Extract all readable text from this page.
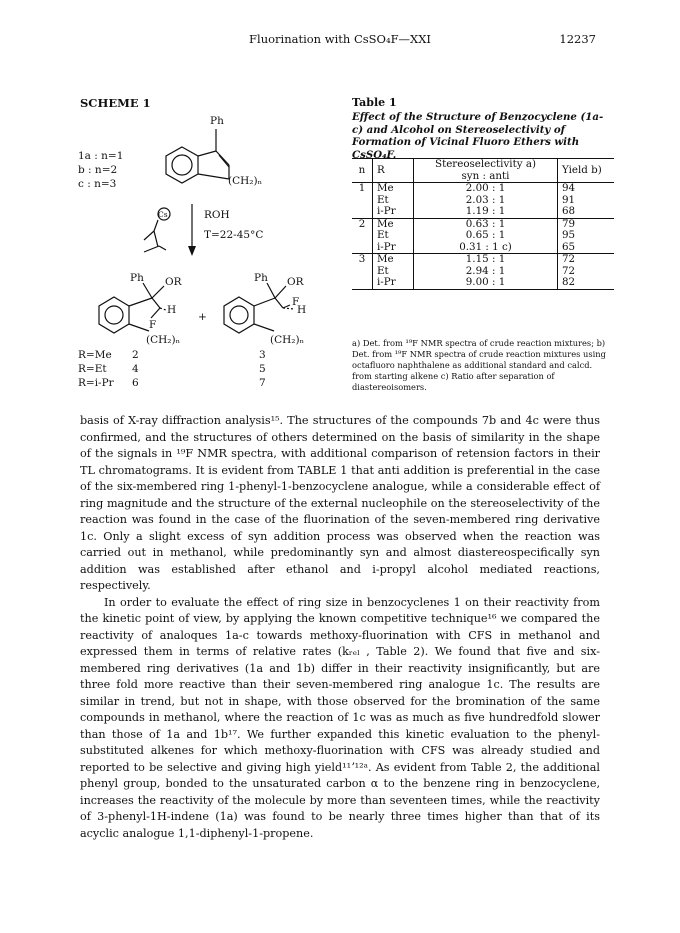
Fluorination with CsSO₄F—XXI	12237
SCHEME 1
Ph
(CH₂)ₙ
1a : n=1
b : n=2
c : n=3
Cs	ROH
T=22-45°C
Ph OR
H
F
(CH₂)ₙ
+
Ph OR
F
H
(CH₂)ₙ
R=Me
R=Et
R=i-Pr
2
4
6
3
5
7
Table 1
Effect of the Structure of Benzocyclene (1a-c) and Alcohol on Stereoselectivity of Formation of Vicinal Fluoro Ethers with CsSO₄F.
n	R	Stereoselectivity a)
syn : anti	Yield b)
1	Me	2.00 : 1	94
	Et	2.03 : 1	91
	i-Pr	1.19 : 1	68
2	Me	0.63 : 1	79
	Et	0.65 : 1	95
	i-Pr	0.31 : 1 c)	65
3	Me	1.15 : 1	72
	Et	2.94 : 1	72
	i-Pr	9.00 : 1	82
a) Det. from ¹⁹F NMR spectra of crude reaction mixtures; b) Det. from ¹⁹F NMR spectra of crude reaction mixtures using octafluoro naphthalene as additional standard and calcd. from starting alkene c) Ratio after separation of diastereoisomers.

basis of X-ray diffraction analysis¹⁵. The structures of the compounds 7b and 4c were thus confirmed, and the structures of others determined on the basis of similarity in the shape of the signals in ¹⁹F NMR spectra, with additional comparison of retension factors in their TL chromatograms. It is evident from TABLE 1 that anti addition is preferential in the case of the six-membered ring 1-phenyl-1-benzocyclene analogue, while a considerable effect of ring magnitude and the structure of the external nucleophile on the stereoselectivity of the reaction was found in the case of the fluorination of the seven-membered ring derivative 1c. Only a slight excess of syn addition process was observed when the reaction was carried out in methanol, while predominantly syn and almost diastereospecifically syn addition was established after ethanol and i-propyl alcohol mediated reactions, respectively.

In order to evaluate the effect of ring size in benzocyclenes 1 on their reactivity from the kinetic point of view, by applying the known competitive technique¹⁶ we compared the reactivity of analoques 1a-c towards methoxy-fluorination with CFS in methanol and expressed them in terms of relative rates (kᵣₑₗ , Table 2). We found that five and six-membered ring derivatives (1a and 1b) differ in their reactivity insignificantly, but are three fold more reactive than their seven-membered ring analogue 1c. The results are similar in trend, but not in shape, with those observed for the bromination of the same compounds in methanol, where the reaction of 1c was as much as five hundredfold slower than those of 1a and 1b¹⁷. We further expanded this kinetic evaluation to the phenyl-substituted alkenes for which methoxy-fluorination with CFS was already studied and reported to be selective and giving high yield¹¹ʼ¹²ᵃ. As evident from Table 2, the additional phenyl group, bonded to the unsaturated carbon α to the benzene ring in benzocyclene, increases the reactivity of the molecule by more than seventeen times, while the reactivity of 3-phenyl-1H-indene (1a) was found to be nearly three times higher than that of its acyclic analogue 1,1-diphenyl-1-propene.
